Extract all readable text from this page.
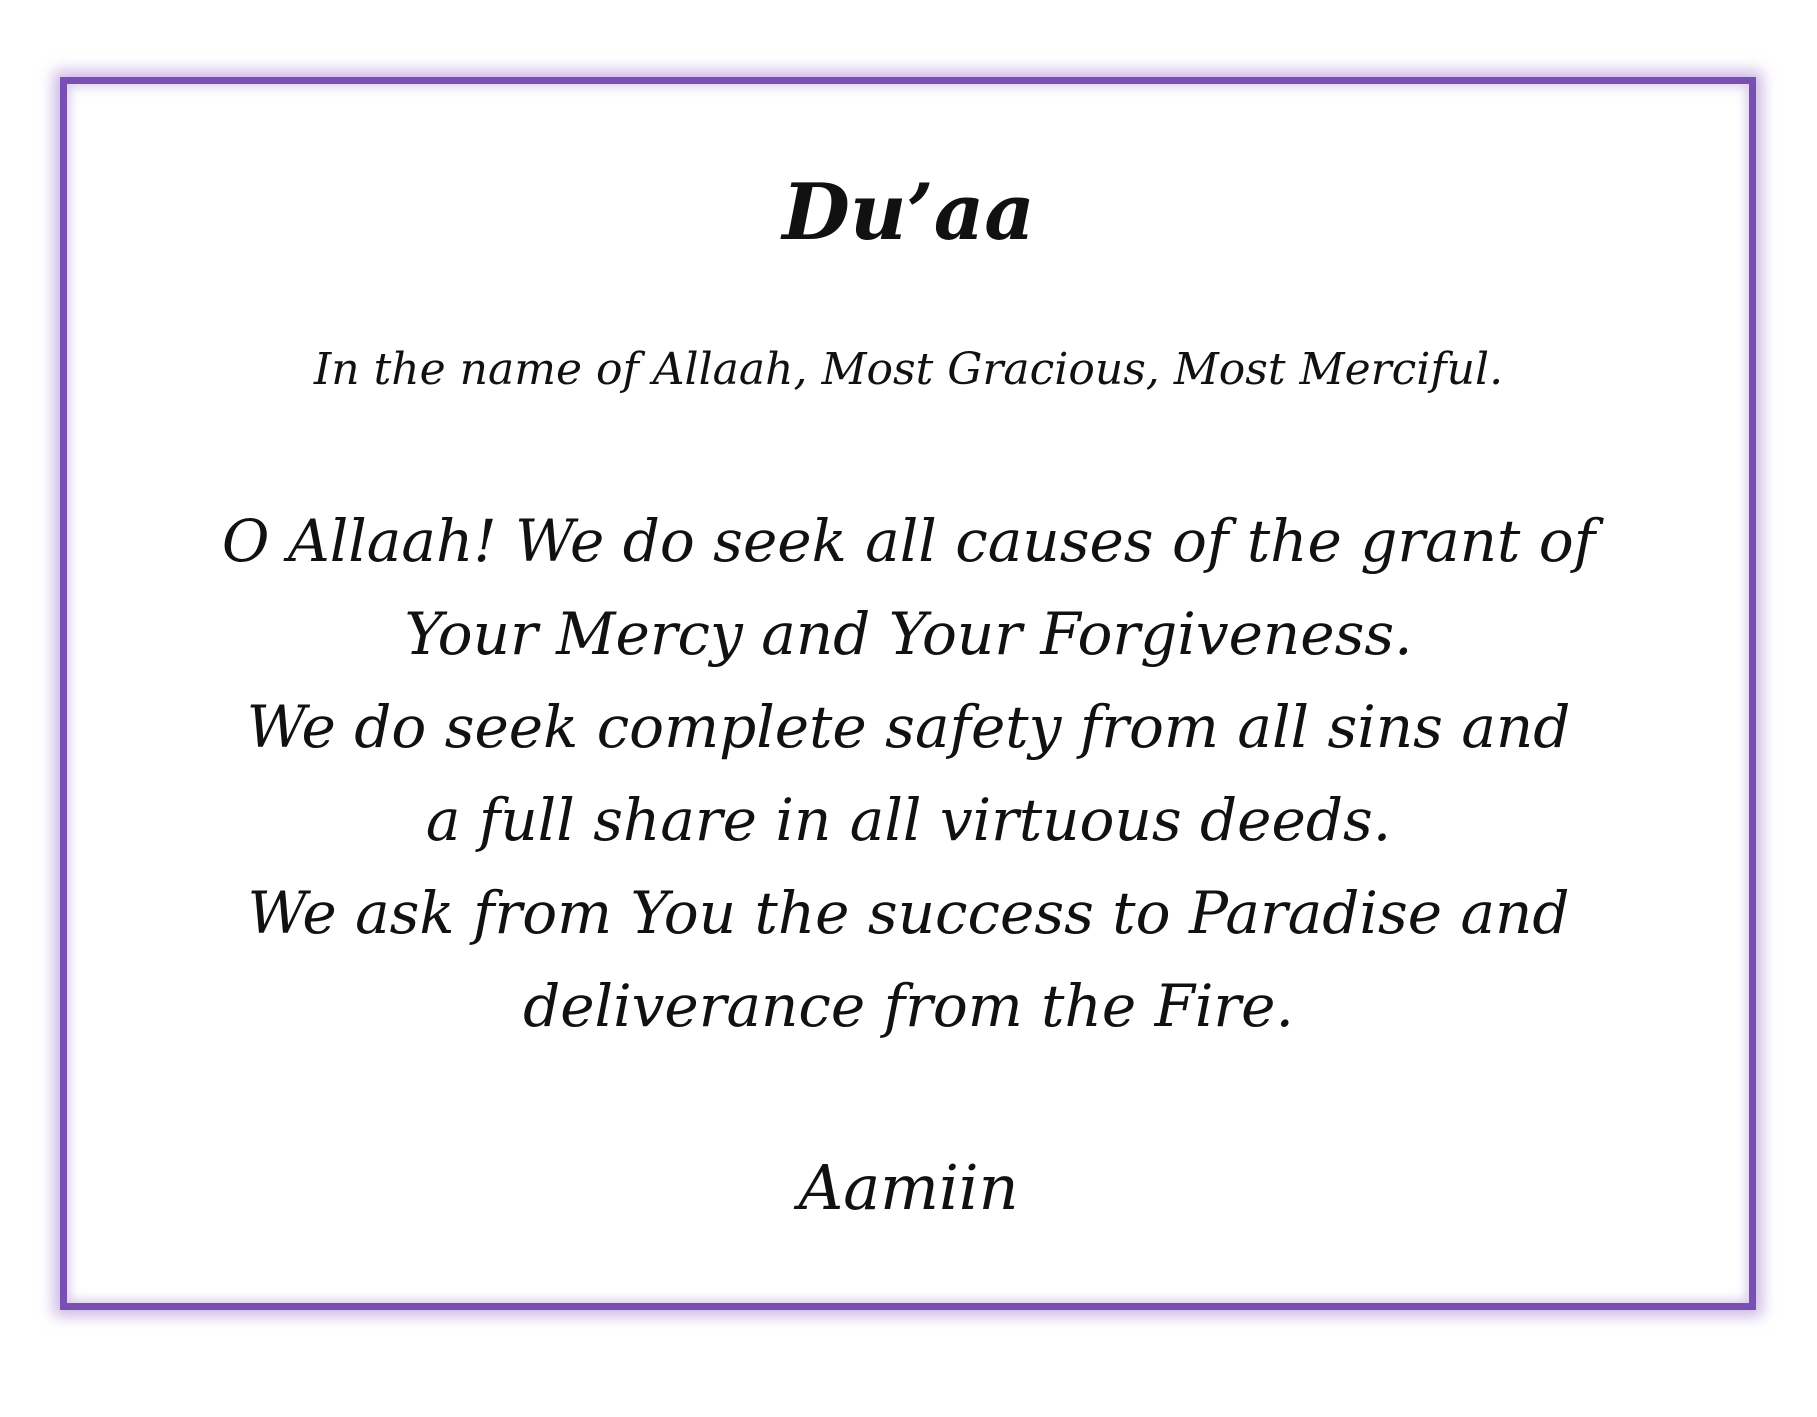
Du’aa

In the name of Allaah, Most Gracious, Most Merciful.

O Allaah! We do seek all causes of the grant of
Your Mercy and Your Forgiveness.
We do seek complete safety from all sins and
a full share in all virtuous deeds.
We ask from You the success to Paradise and
deliverance from the Fire.

Aamiin
